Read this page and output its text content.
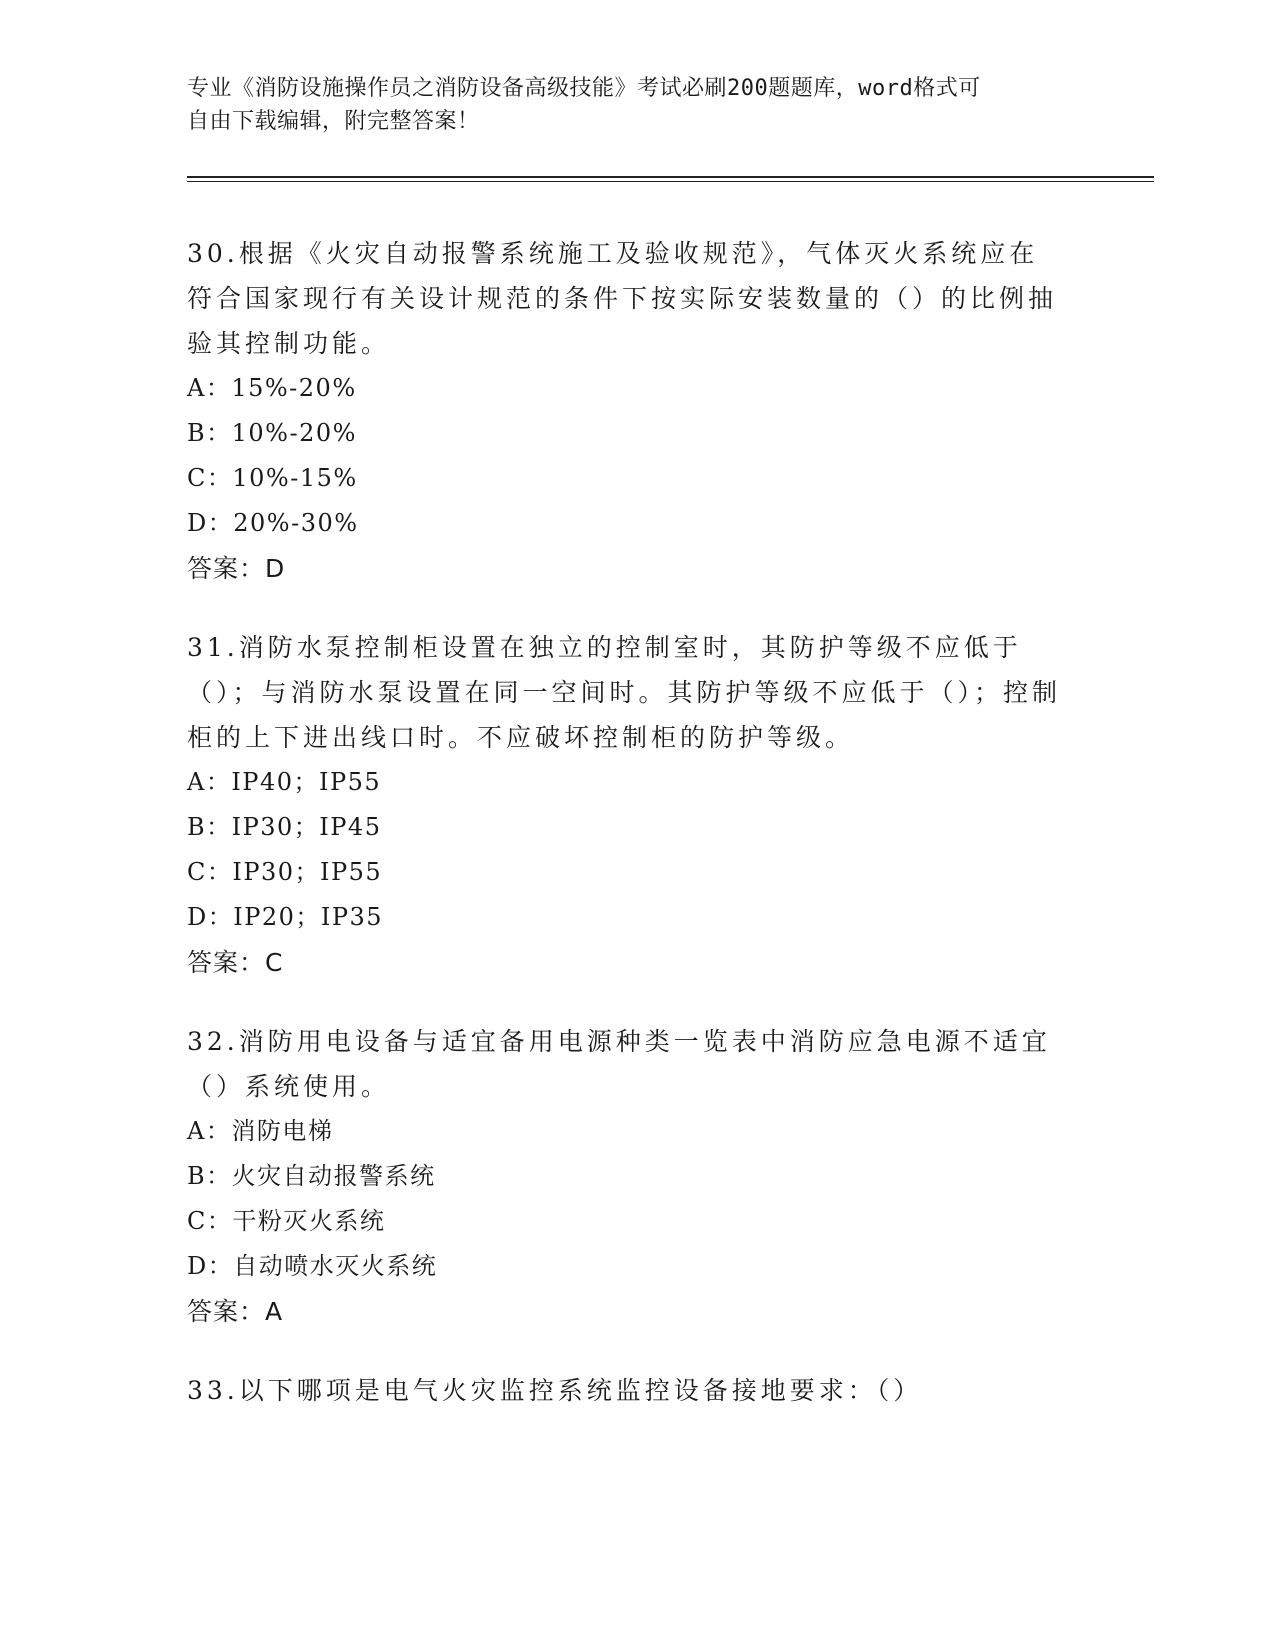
专业《消防设施操作员之消防设备高级技能》考试必刷200题题库，word格式可
自由下载编辑，附完整答案！

30.根据《火灾自动报警系统施工及验收规范》，气体灭火系统应在符合国家现行有关设计规范的条件下按实际安装数量的（）的比例抽验其控制功能。

A：15%-20%

B：10%-20%

C：10%-15%

D：20%-30%

答案：D

31.消防水泵控制柜设置在独立的控制室时，其防护等级不应低于（）；与消防水泵设置在同一空间时。其防护等级不应低于（）；控制柜的上下进出线口时。不应破坏控制柜的防护等级。

A：IP40；IP55

B：IP30；IP45

C：IP30；IP55

D：IP20；IP35

答案：C

32.消防用电设备与适宜备用电源种类一览表中消防应急电源不适宜（）系统使用。

A：消防电梯

B：火灾自动报警系统

C：干粉灭火系统

D：自动喷水灭火系统

答案：A

33.以下哪项是电气火灾监控系统监控设备接地要求：（）
